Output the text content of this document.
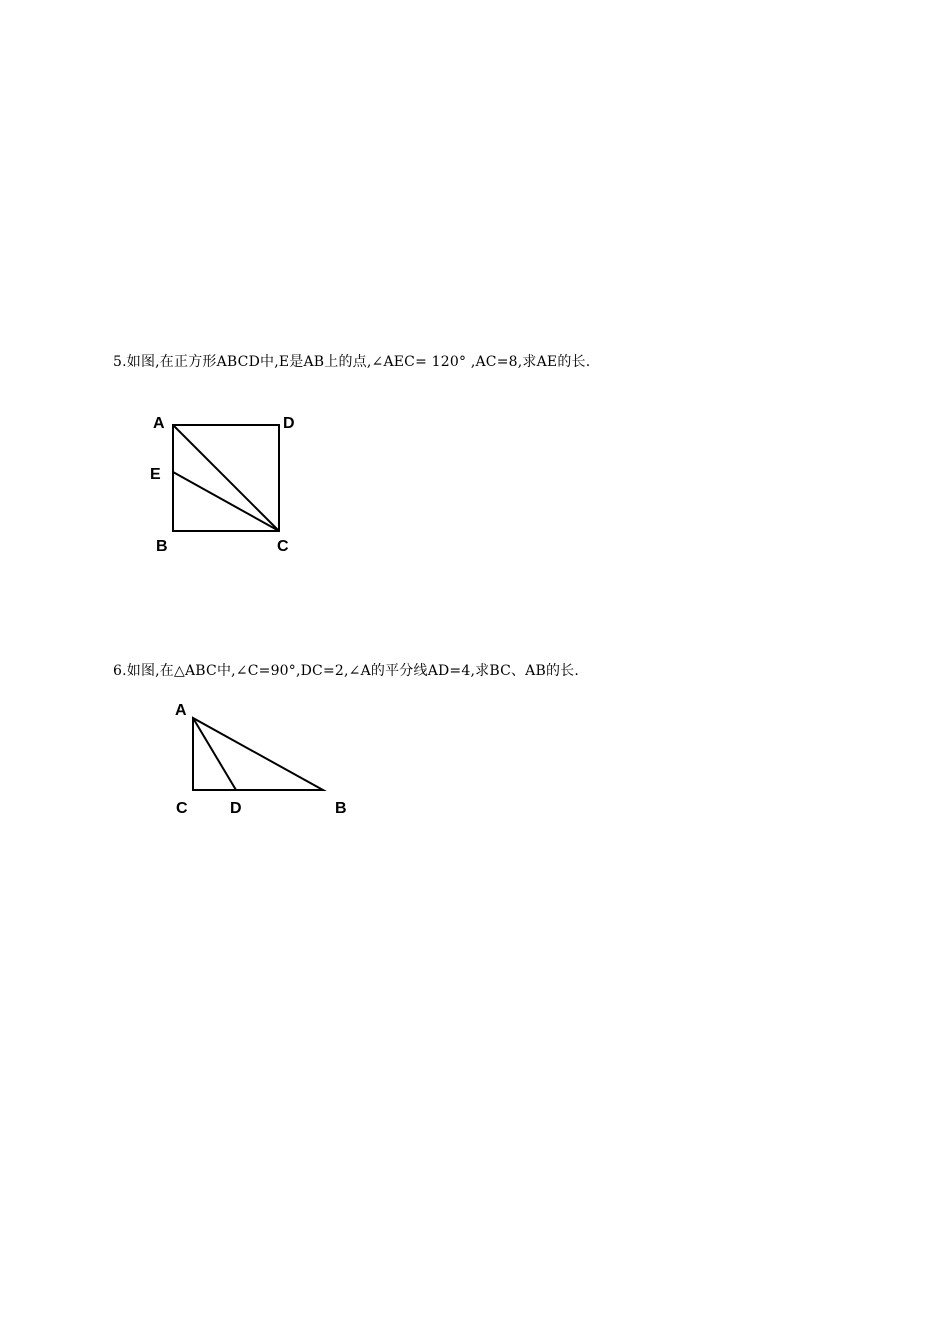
5.如图,在正方形ABCD中,E是AB上的点,∠AEC= 120° ,AC=8,求AE的长.
A	D
E
B	C
6.如图,在△ABC中,∠C=90°,DC=2,∠A的平分线AD=4,求BC、AB的长.
A
C	D	B
